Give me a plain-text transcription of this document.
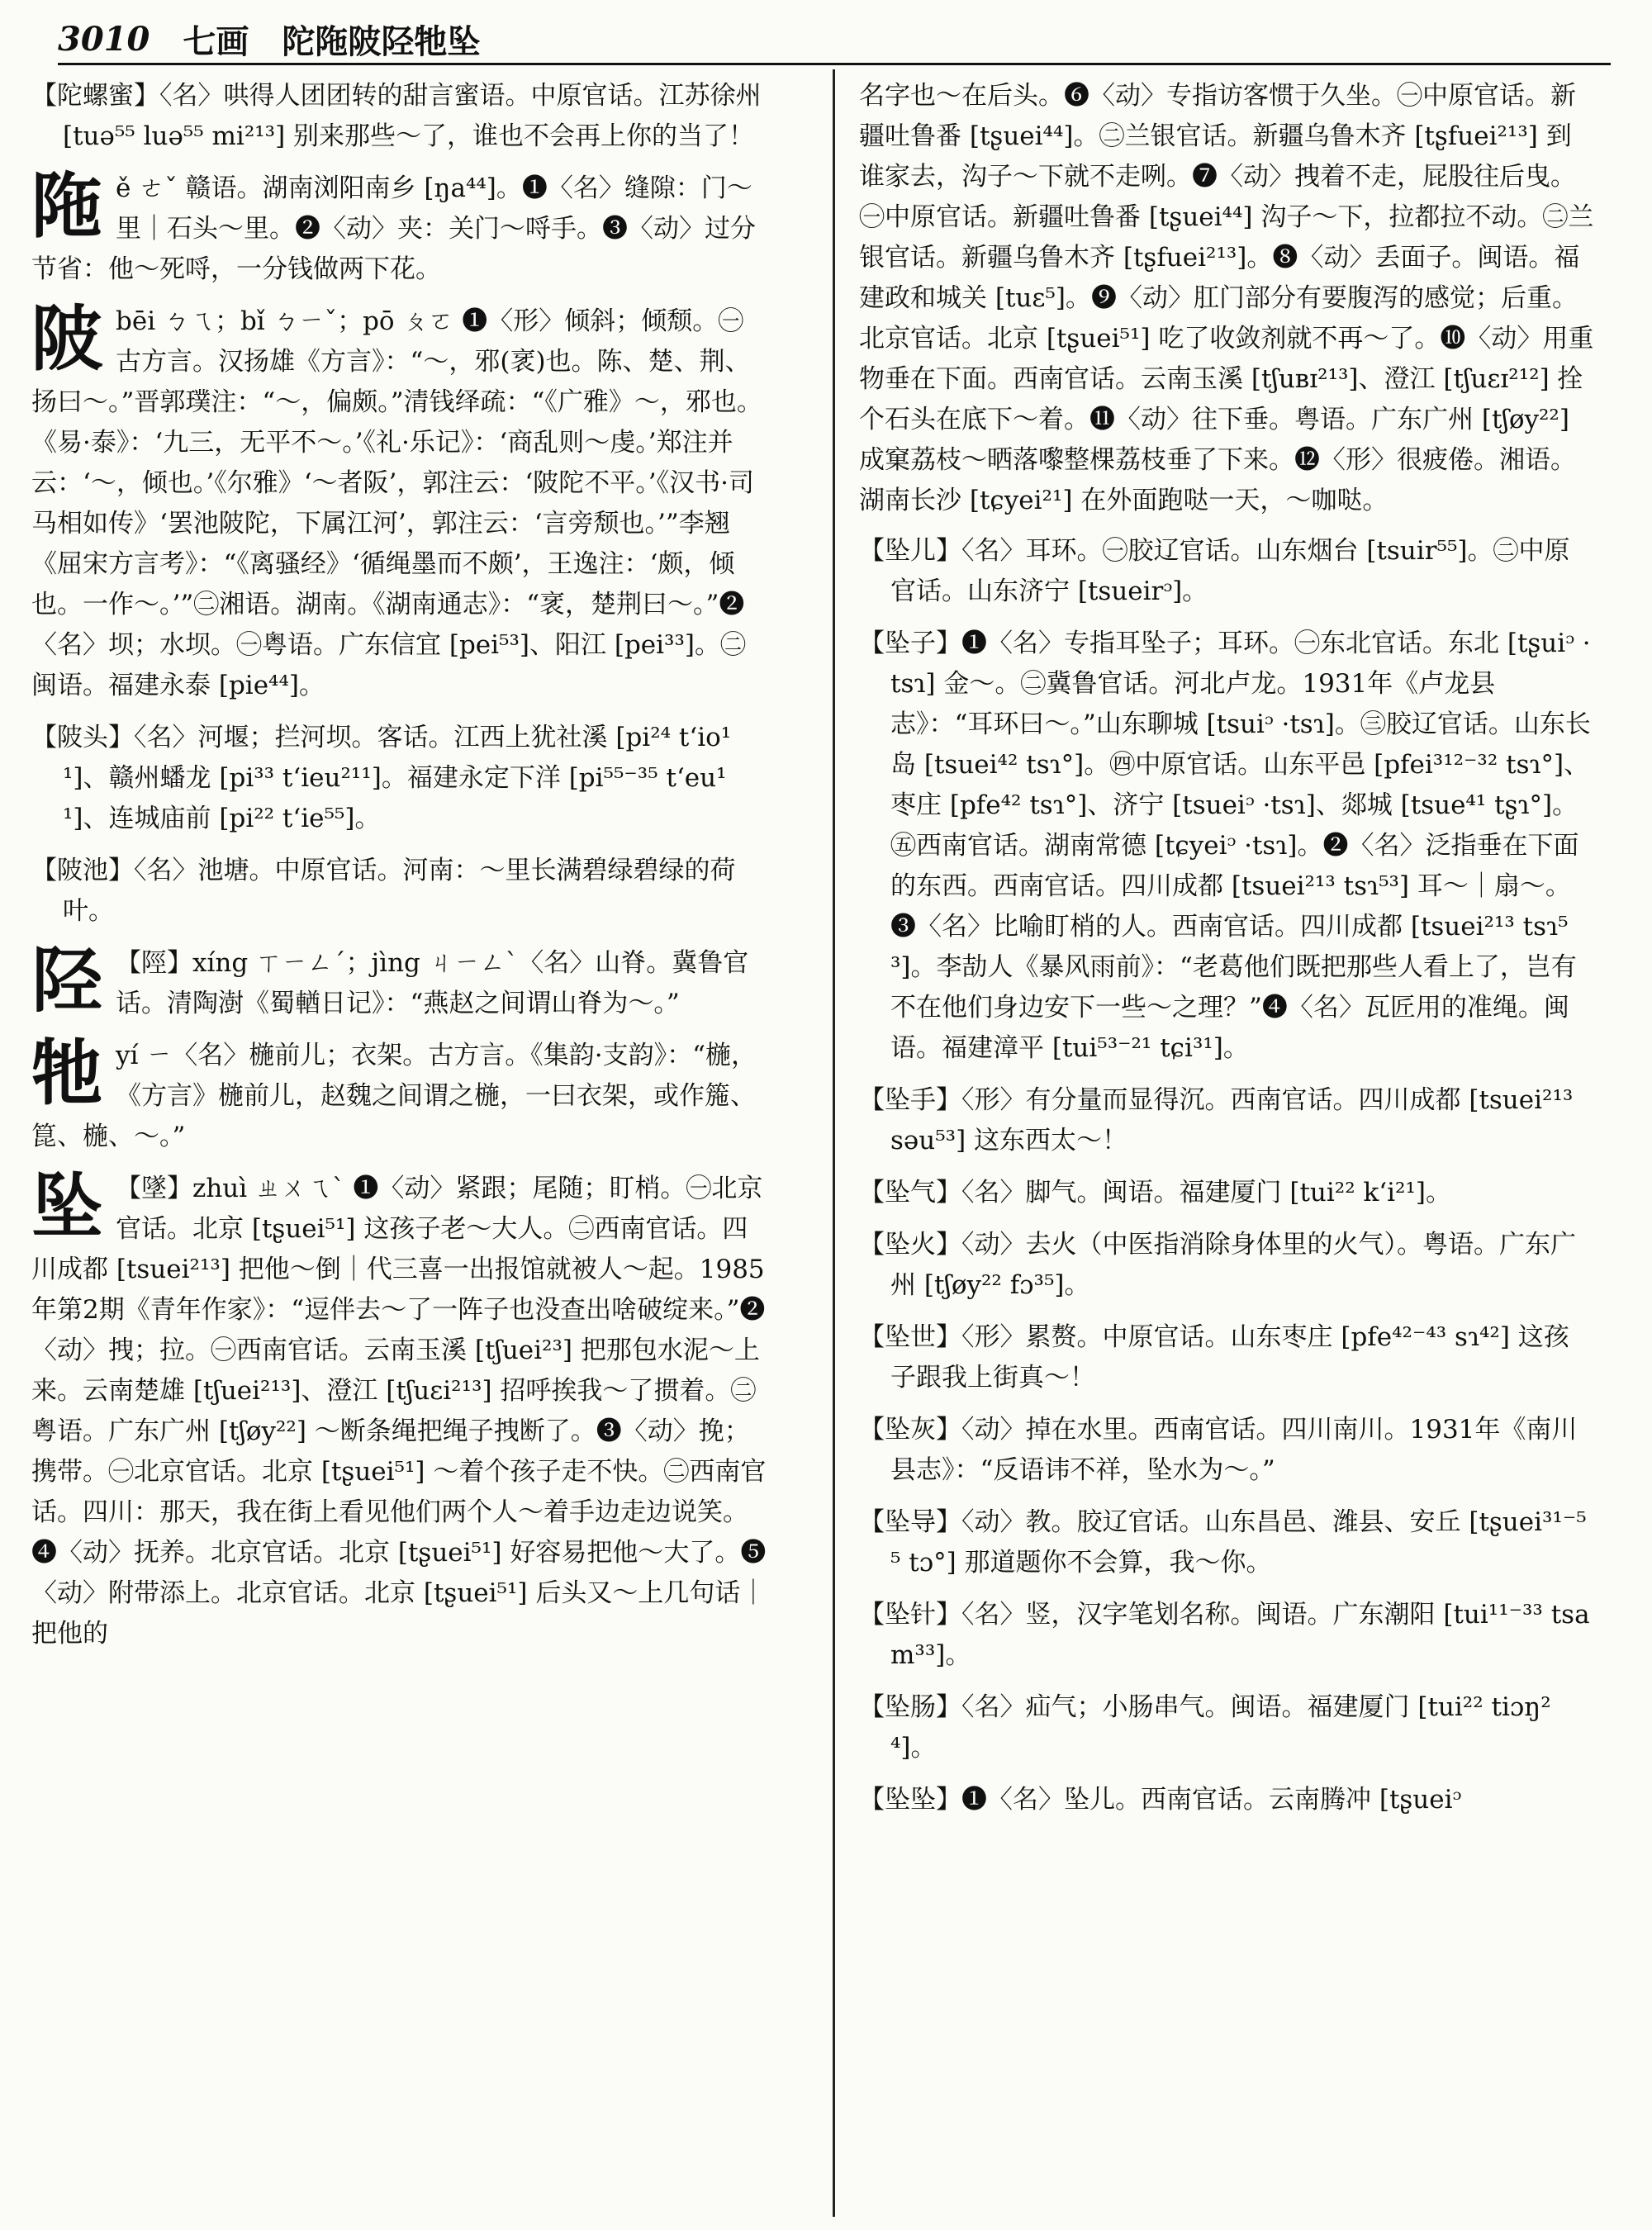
3010 七画 陀陁陂陉牠坠
【陀螺蜜】〈名〉哄得人团团转的甜言蜜语。中原官话。江苏徐州 [tuə⁵⁵ luə⁵⁵ mi²¹³] 别来那些～了，谁也不会再上你的当了！
陁ě ㄜˇ 赣语。湖南浏阳南乡 [ŋa⁴⁴]。❶〈名〉缝隙：门～里｜石头～里。❷〈动〉夹：关门～哷手。❸〈动〉过分节省：他～死哷，一分钱做两下花。
陂bēi ㄅㄟ；bǐ ㄅㄧˇ；pō ㄆㄛ ❶〈形〉倾斜；倾颓。㊀古方言。汉扬雄《方言》：“～，邪(衺)也。陈、楚、荆、扬曰～。”晋郭璞注：“～，偏颇。”清钱绎疏：“《广雅》～，邪也。《易·泰》：‘九三，无平不～。’《礼·乐记》：‘商乱则～虔。’郑注并云：‘～，倾也。’《尔雅》‘～者阪’，郭注云：‘陂陀不平。’《汉书·司马相如传》‘罢池陂陀，下属江河’，郭注云：‘言旁颓也。’”李翘《屈宋方言考》：“《离骚经》‘循绳墨而不颇’，王逸注：‘颇，倾也。一作～。’”㊁湘语。湖南。《湖南通志》：“衺，楚荆曰～。”❷〈名〉坝；水坝。㊀粤语。广东信宜 [pei⁵³]、阳江 [pei³³]。㊁闽语。福建永泰 [pie⁴⁴]。
【陂头】〈名〉河堰；拦河坝。客话。江西上犹社溪 [pi²⁴ tʻio¹¹]、赣州蟠龙 [pi³³ tʻieu²¹¹]。福建永定下洋 [pi⁵⁵⁻³⁵ tʻeu¹¹]、连城庙前 [pi²² tʻie⁵⁵]。
【陂池】〈名〉池塘。中原官话。河南：～里长满碧绿碧绿的荷叶。
陉 【陘】xíng ㄒㄧㄥˊ；jìng ㄐㄧㄥˋ〈名〉山脊。冀鲁官话。清陶澍《蜀輶日记》：“燕赵之间谓山脊为～。”
牠yí ㄧ〈名〉椸前儿；衣架。古方言。《集韵·支韵》：“椸，《方言》椸前儿，赵魏之间谓之椸，一曰衣架，或作箷、箟、椸、～。”
坠 【墜】zhuì ㄓㄨㄟˋ ❶〈动〉紧跟；尾随；盯梢。㊀北京官话。北京 [tʂuei⁵¹] 这孩子老～大人。㊁西南官话。四川成都 [tsuei²¹³] 把他～倒｜代三喜一出报馆就被人～起。1985年第2期《青年作家》：“逗伴去～了一阵子也没查出啥破绽来。”❷〈动〉拽；拉。㊀西南官话。云南玉溪 [tʃuei²³] 把那包水泥～上来。云南楚雄 [tʃuei²¹³]、澄江 [tʃuɛi²¹³] 招呼挨我～了掼着。㊁粤语。广东广州 [tʃøy²²] ～断条绳把绳子拽断了。❸〈动〉挽；携带。㊀北京官话。北京 [tʂuei⁵¹] ～着个孩子走不快。㊁西南官话。四川：那天，我在街上看见他们两个人～着手边走边说笑。❹〈动〉抚养。北京官话。北京 [tʂuei⁵¹] 好容易把他～大了。❺〈动〉附带添上。北京官话。北京 [tʂuei⁵¹] 后头又～上几句话｜把他的
名字也～在后头。❻〈动〉专指访客惯于久坐。㊀中原官话。新疆吐鲁番 [tʂuei⁴⁴]。㊁兰银官话。新疆乌鲁木齐 [tʂfuei²¹³] 到谁家去，沟子～下就不走咧。❼〈动〉拽着不走，屁股往后曳。㊀中原官话。新疆吐鲁番 [tʂuei⁴⁴] 沟子～下，拉都拉不动。㊁兰银官话。新疆乌鲁木齐 [tʂfuei²¹³]。❽〈动〉丢面子。闽语。福建政和城关 [tuɛ⁵]。❾〈动〉肛门部分有要腹泻的感觉；后重。北京官话。北京 [tʂuei⁵¹] 吃了收敛剂就不再～了。❿〈动〉用重物垂在下面。西南官话。云南玉溪 [tʃuʙɪ²¹³]、澄江 [tʃuɛɪ²¹²] 拴个石头在底下～着。⓫〈动〉往下垂。粤语。广东广州 [tʃøy²²] 成窠荔枝～晒落嚟整棵荔枝垂了下来。⓬〈形〉很疲倦。湘语。湖南长沙 [tɕyei²¹] 在外面跑哒一天，～咖哒。
【坠儿】〈名〉耳环。㊀胶辽官话。山东烟台 [tsuir⁵⁵]。㊁中原官话。山东济宁 [tsueirᵓ]。
【坠子】❶〈名〉专指耳坠子；耳环。㊀东北官话。东北 [tʂuiᵓ ·tsɿ] 金～。㊁冀鲁官话。河北卢龙。1931年《卢龙县志》：“耳环曰～。”山东聊城 [tsuiᵓ ·tsɿ]。㊂胶辽官话。山东长岛 [tsuei⁴² tsɿ°]。㊃中原官话。山东平邑 [pfei³¹²⁻³² tsɿ°]、枣庄 [pfe⁴² tsɿ°]、济宁 [tsueiᵓ ·tsɿ]、郯城 [tsue⁴¹ tʂɿ°]。㊄西南官话。湖南常德 [tɕyeiᵓ ·tsɿ]。❷〈名〉泛指垂在下面的东西。西南官话。四川成都 [tsuei²¹³ tsɿ⁵³] 耳～｜扇～。❸〈名〉比喻盯梢的人。西南官话。四川成都 [tsuei²¹³ tsɿ⁵³]。李劼人《暴风雨前》：“老葛他们既把那些人看上了，岂有不在他们身边安下一些～之理？”❹〈名〉瓦匠用的准绳。闽语。福建漳平 [tui⁵³⁻²¹ tɕi³¹]。
【坠手】〈形〉有分量而显得沉。西南官话。四川成都 [tsuei²¹³ səu⁵³] 这东西太～！
【坠气】〈名〉脚气。闽语。福建厦门 [tui²² kʻi²¹]。
【坠火】〈动〉去火（中医指消除身体里的火气）。粤语。广东广州 [tʃøy²² fɔ³⁵]。
【坠世】〈形〉累赘。中原官话。山东枣庄 [pfe⁴²⁻⁴³ sɿ⁴²] 这孩子跟我上街真～！
【坠灰】〈动〉掉在水里。西南官话。四川南川。1931年《南川县志》：“反语讳不祥，坠水为～。”
【坠导】〈动〉教。胶辽官话。山东昌邑、潍县、安丘 [tʂuei³¹⁻⁵⁵ tɔ°] 那道题你不会算，我～你。
【坠针】〈名〉竖，汉字笔划名称。闽语。广东潮阳 [tui¹¹⁻³³ tsam³³]。
【坠肠】〈名〉疝气；小肠串气。闽语。福建厦门 [tui²² tiɔŋ²⁴]。
【坠坠】❶〈名〉坠儿。西南官话。云南腾冲 [tʂueiᵓ
